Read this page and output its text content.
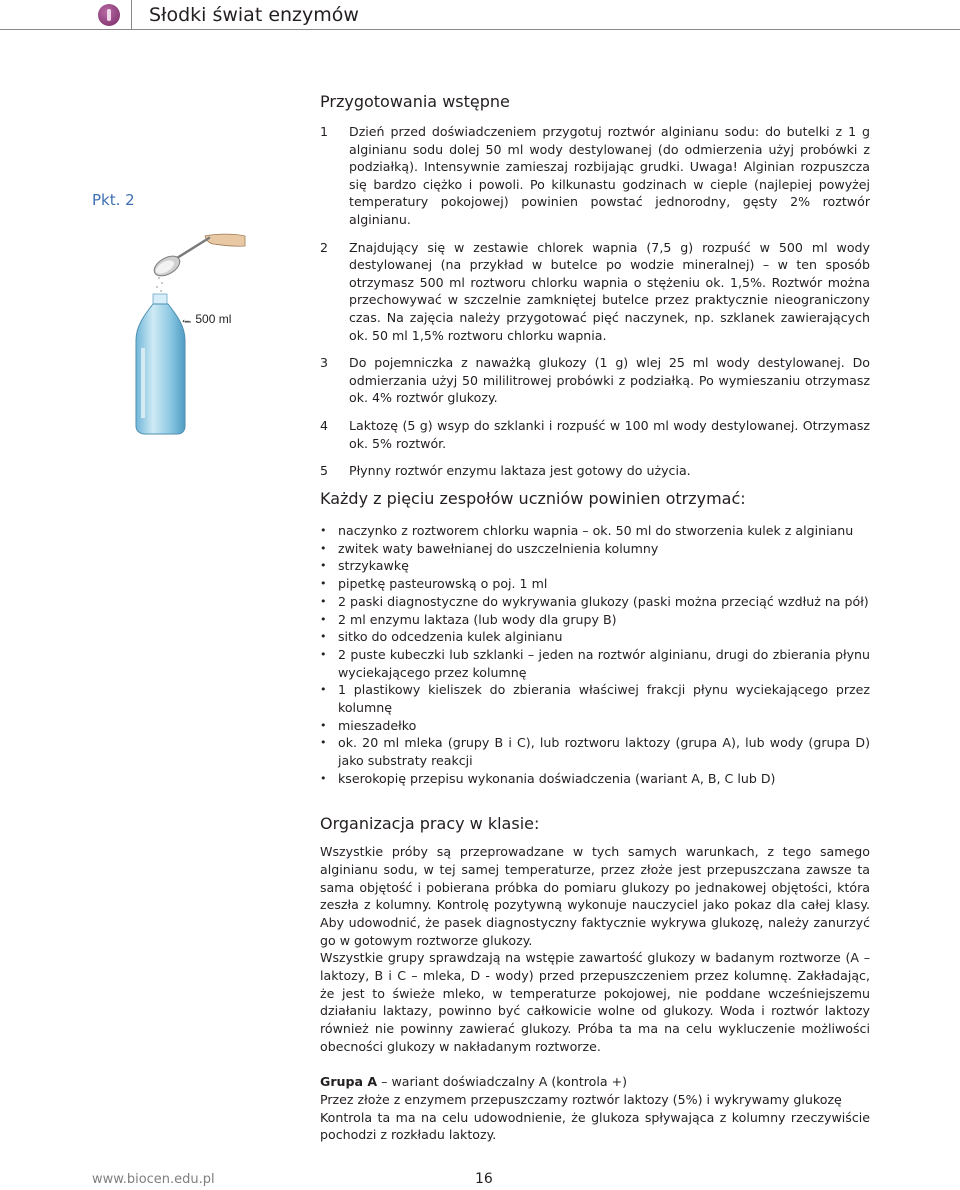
Słodki świat enzymów
Pkt. 2
← 500 ml
Przygotowania wstępne
1	Dzień przed doświadczeniem przygotuj roztwór alginianu sodu: do butelki z 1 g alginianu sodu dolej 50 ml wody destylowanej (do odmierzenia użyj probówki z podziałką). Intensywnie zamieszaj rozbijając grudki. Uwaga! Alginian rozpuszcza się bardzo ciężko i powoli. Po kilkunastu godzinach w cieple (najlepiej powyżej temperatury pokojowej) powinien powstać jednorodny, gęsty 2% roztwór alginianu.
2	Znajdujący się w zestawie chlorek wapnia (7,5 g) rozpuść w 500 ml wody destylowanej (na przykład w butelce po wodzie mineralnej) – w ten sposób otrzymasz 500 ml roztworu chlorku wapnia o stężeniu ok. 1,5%. Roztwór można przechowywać w szczelnie zamkniętej butelce przez praktycznie nieograniczony czas. Na zajęcia należy przygotować pięć naczynek, np. szklanek zawierających ok. 50 ml 1,5% roztworu chlorku wapnia.
3	Do pojemniczka z naważką glukozy (1 g) wlej 25 ml wody destylowanej. Do odmierzania użyj 50 mililitrowej probówki z podziałką. Po wymieszaniu otrzymasz ok. 4% roztwór glukozy.
4	Laktozę (5 g) wsyp do szklanki i rozpuść w 100 ml wody destylowanej. Otrzymasz ok. 5% roztwór.
5	Płynny roztwór enzymu laktaza jest gotowy do użycia.
Każdy z pięciu zespołów uczniów powinien otrzymać:
• naczynko z roztworem chlorku wapnia – ok. 50 ml do stworzenia kulek z alginianu
• zwitek waty bawełnianej do uszczelnienia kolumny
• strzykawkę
• pipetkę pasteurowską o poj. 1 ml
• 2 paski diagnostyczne do wykrywania glukozy (paski można przeciąć wzdłuż na pół)
• 2 ml enzymu laktaza (lub wody dla grupy B)
• sitko do odcedzenia kulek alginianu
• 2 puste kubeczki lub szklanki – jeden na roztwór alginianu, drugi do zbierania płynu wyciekającego przez kolumnę
• 1 plastikowy kieliszek do zbierania właściwej frakcji płynu wyciekającego przez kolumnę
• mieszadełko
• ok. 20 ml mleka (grupy B i C), lub roztworu laktozy (grupa A), lub wody (grupa D) jako substraty reakcji
• kserokopię przepisu wykonania doświadczenia (wariant A, B, C lub D)
Organizacja pracy w klasie:

Wszystkie próby są przeprowadzane w tych samych warunkach, z tego samego alginianu sodu, w tej samej temperaturze, przez złoże jest przepuszczana zawsze ta sama objętość i pobierana próbka do pomiaru glukozy po jednakowej objętości, która zeszła z kolumny. Kontrolę pozytywną wykonuje nauczyciel jako pokaz dla całej klasy. Aby udowodnić, że pasek diagnostyczny faktycznie wykrywa glukozę, należy zanurzyć go w gotowym roztworze glukozy.

Wszystkie grupy sprawdzają na wstępie zawartość glukozy w badanym roztworze (A – laktozy, B i C – mleka, D - wody) przed przepuszczeniem przez kolumnę. Zakładając, że jest to świeże mleko, w temperaturze pokojowej, nie poddane wcześniejszemu działaniu laktazy, powinno być całkowicie wolne od glukozy. Woda i roztwór laktozy również nie powinny zawierać glukozy. Próba ta ma na celu wykluczenie możliwości obecności glukozy w nakładanym roztworze.

Grupa A – wariant doświadczalny A (kontrola +)
Przez złoże z enzymem przepuszczamy roztwór laktozy (5%) i wykrywamy glukozę
Kontrola ta ma na celu udowodnienie, że glukoza spływająca z kolumny rzeczywiście pochodzi z rozkładu laktozy.

www.biocen.edu.pl	16
